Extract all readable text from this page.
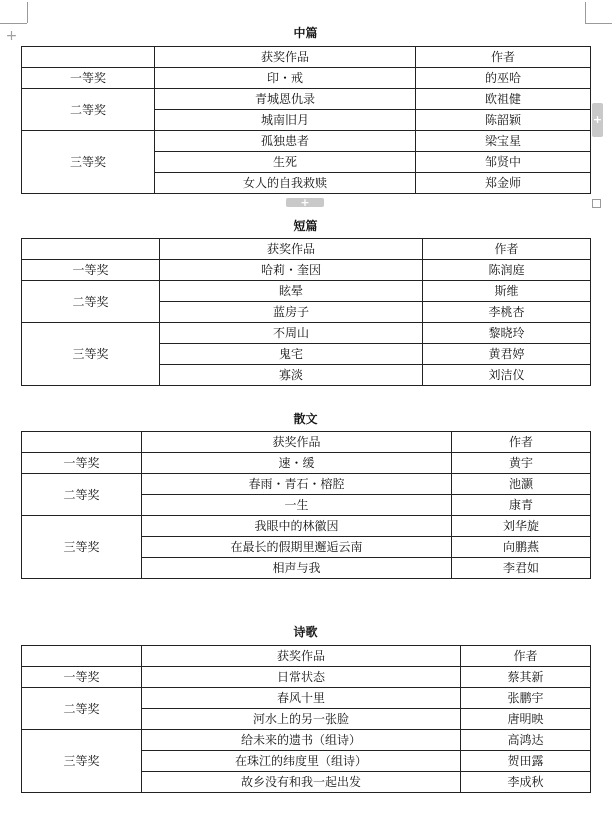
+
+
+
中篇
	获奖作品	作者
一等奖	印・戒	的巫哈
二等奖	青城恩仇录	欧祖健
	城南旧月	陈韶颖
三等奖	孤独患者	梁宝星
	生死	邹贤中
	女人的自我救赎	郑金师
短篇
	获奖作品	作者
一等奖	哈莉・奎因	陈润庭
二等奖	眩晕	斯维
	蓝房子	李桃杏
三等奖	不周山	黎晓玲
	鬼宅	黄君婷
	寡淡	刘洁仪
散文
	获奖作品	作者
一等奖	速・缓	黄宇
二等奖	春雨・青石・榕腔	池灏
	一生	康青
三等奖	我眼中的林徽因	刘华旋
	在最长的假期里邂逅云南	向鹏燕
	相声与我	李君如
诗歌
	获奖作品	作者
一等奖	日常状态	蔡其新
二等奖	春风十里	张鹏宇
	河水上的另一张脸	唐明映
三等奖	给未来的遗书（组诗）	高鸿达
	在珠江的纬度里（组诗）	贺田露
	故乡没有和我一起出发	李成秋
